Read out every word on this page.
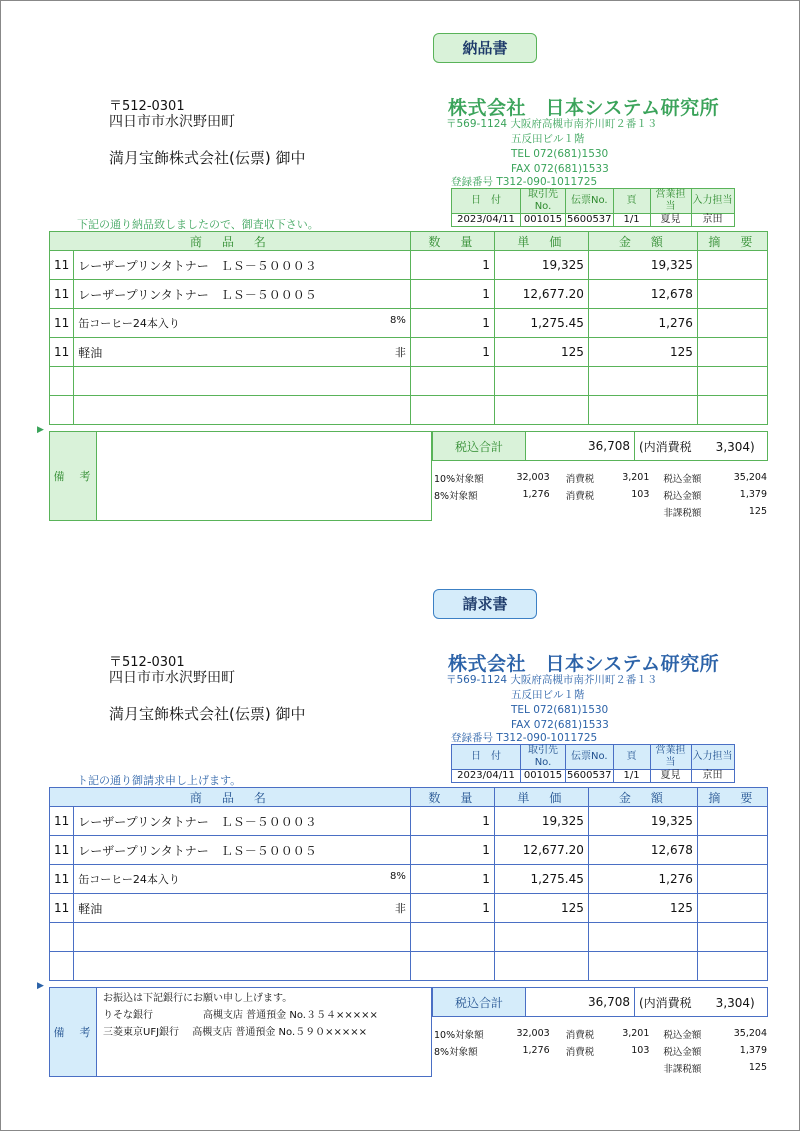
納品書
〒512-0301
四日市市水沢野田町
満月宝飾株式会社(伝票) 御中
株式会社　日本システム研究所
〒569-1124 大阪府高槻市南芥川町２番１３
五反田ビル１階
TEL 072(681)1530
FAX 072(681)1533
登録番号 T312-090-1011725
日　付	取引先No.	伝票No.	頁	営業担当	入力担当
2023/04/11	001015	5600537	1/1	夏見	京田
下記の通り納品致しましたので、御査収下さい。
商　品　名		数　量	単　価	金　額	摘　要
11	レーザープリンタトナー　ＬＳ－５０００３	1	19,325	19,325	
11	レーザープリンタトナー　ＬＳ－５０００５	1	12,677.20	12,678	
11	缶コーヒー24本入り 8%	1	1,275.45	1,276	
11	軽油 非	1	125	125	

▶
備　考	
税込合計	36,708	(内消費税　　3,304)
10%対象額	32,003	消費税	3,201	税込金額	35,204
8%対象額	1,276	消費税	103	税込金額	1,379
				非課税額	125
請求書
〒512-0301
四日市市水沢野田町
満月宝飾株式会社(伝票) 御中
株式会社　日本システム研究所
〒569-1124 大阪府高槻市南芥川町２番１３
五反田ビル１階
TEL 072(681)1530
FAX 072(681)1533
登録番号 T312-090-1011725
日　付	取引先No.	伝票No.	頁	営業担当	入力担当
2023/04/11	001015	5600537	1/1	夏見	京田
ト記の通り御請求申し上げます。
商　品　名		数　量	単　価	金　額	摘　要
11	レーザープリンタトナー　ＬＳ－５０００３	1	19,325	19,325	
11	レーザープリンタトナー　ＬＳ－５０００５	1	12,677.20	12,678	
11	缶コーヒー24本入り 8%	1	1,275.45	1,276	
11	軽油 非	1	125	125	

▶
備　考	
お振込は下記銀行にお願い申し上げます。
りそな銀行　　　　　高槻支店 普通預金 No.３５４×××××
三菱東京UFJ銀行　 高槻支店 普通預金 No.５９０×××××
税込合計	36,708	(内消費税　　3,304)
10%対象額	32,003	消費税	3,201	税込金額	35,204
8%対象額	1,276	消費税	103	税込金額	1,379
				非課税額	125
